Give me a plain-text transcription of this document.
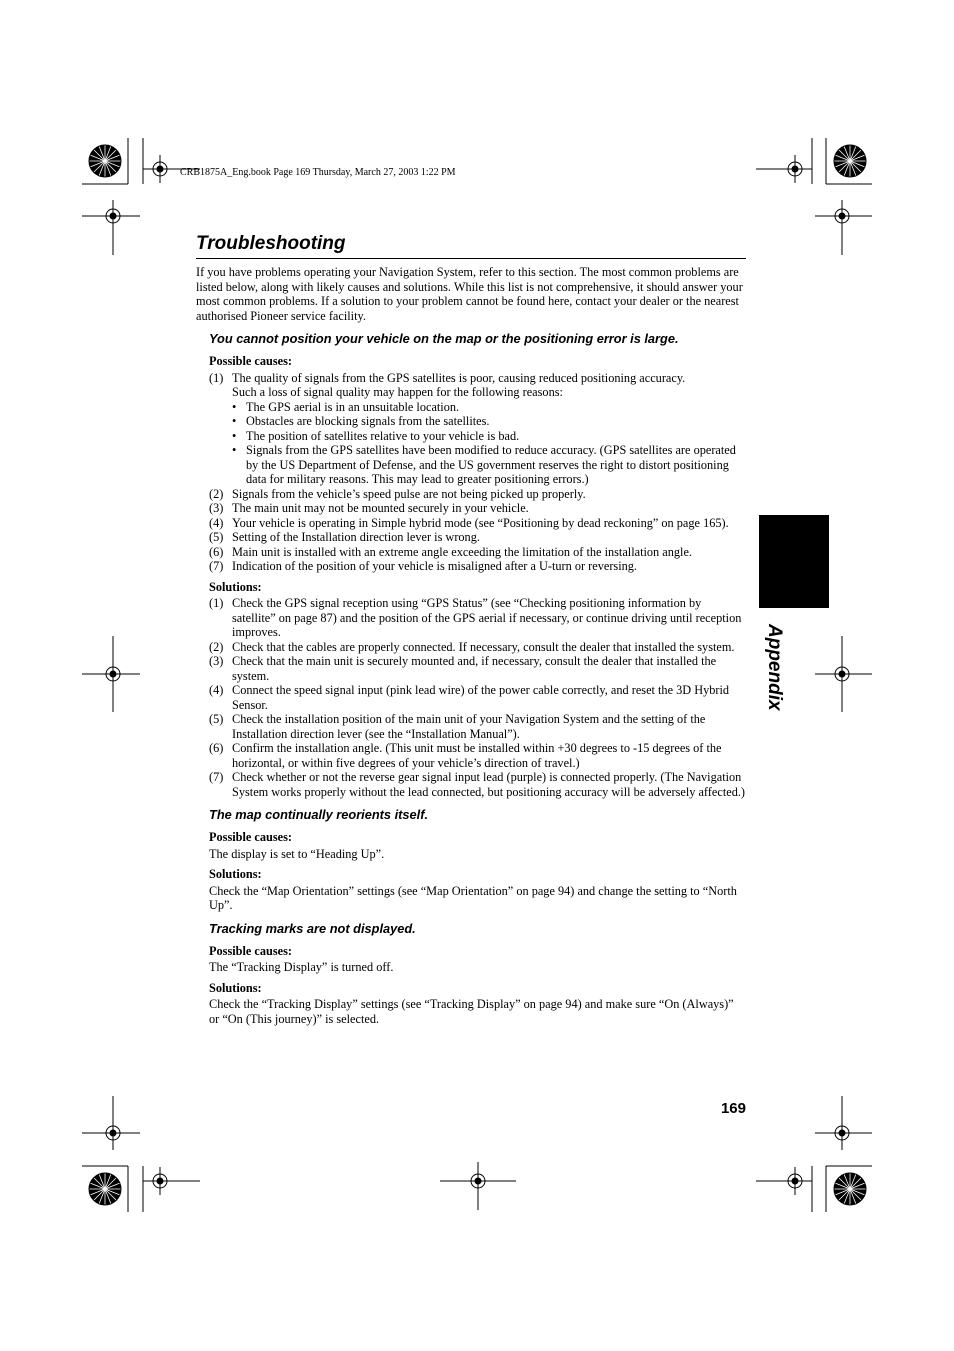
CRB1875A_Eng.book Page 169 Thursday, March 27, 2003 1:22 PM
Troubleshooting

If you have problems operating your Navigation System, refer to this section. The most common problems are listed below, along with likely causes and solutions. While this list is not comprehensive, it should answer your most common problems. If a solution to your problem cannot be found here, contact your dealer or the nearest authorised Pioneer service facility.

You cannot position your vehicle on the map or the positioning error is large.
Possible causes:
(1) The quality of signals from the GPS satellites is poor, causing reduced positioning accuracy.
Such a loss of signal quality may happen for the following reasons:
• The GPS aerial is in an unsuitable location.
• Obstacles are blocking signals from the satellites.
• The position of satellites relative to your vehicle is bad.
• Signals from the GPS satellites have been modified to reduce accuracy. (GPS satellites are operated by the US Department of Defense, and the US government reserves the right to distort positioning data for military reasons. This may lead to greater positioning errors.)
(2) Signals from the vehicle’s speed pulse are not being picked up properly.
(3) The main unit may not be mounted securely in your vehicle.
(4) Your vehicle is operating in Simple hybrid mode (see “Positioning by dead reckoning” on page 165).
(5) Setting of the Installation direction lever is wrong.
(6) Main unit is installed with an extreme angle exceeding the limitation of the installation angle.
(7) Indication of the position of your vehicle is misaligned after a U-turn or reversing.
Solutions:
(1) Check the GPS signal reception using “GPS Status” (see “Checking positioning information by satellite” on page 87) and the position of the GPS aerial if necessary, or continue driving until reception improves.
(2) Check that the cables are properly connected. If necessary, consult the dealer that installed the system.
(3) Check that the main unit is securely mounted and, if necessary, consult the dealer that installed the system.
(4) Connect the speed signal input (pink lead wire) of the power cable correctly, and reset the 3D Hybrid Sensor.
(5) Check the installation position of the main unit of your Navigation System and the setting of the Installation direction lever (see the “Installation Manual”).
(6) Confirm the installation angle. (This unit must be installed within +30 degrees to -15 degrees of the horizontal, or within five degrees of your vehicle’s direction of travel.)
(7) Check whether or not the reverse gear signal input lead (purple) is connected properly. (The Navigation System works properly without the lead connected, but positioning accuracy will be adversely affected.)
The map continually reorients itself.
Possible causes:

The display is set to “Heading Up”.

Solutions:

Check the “Map Orientation” settings (see “Map Orientation” on page 94) and change the setting to “North Up”.

Tracking marks are not displayed.
Possible causes:

The “Tracking Display” is turned off.

Solutions:

Check the “Tracking Display” settings (see “Tracking Display” on page 94) and make sure “On (Always)” or “On (This journey)” is selected.

Appendix
169
